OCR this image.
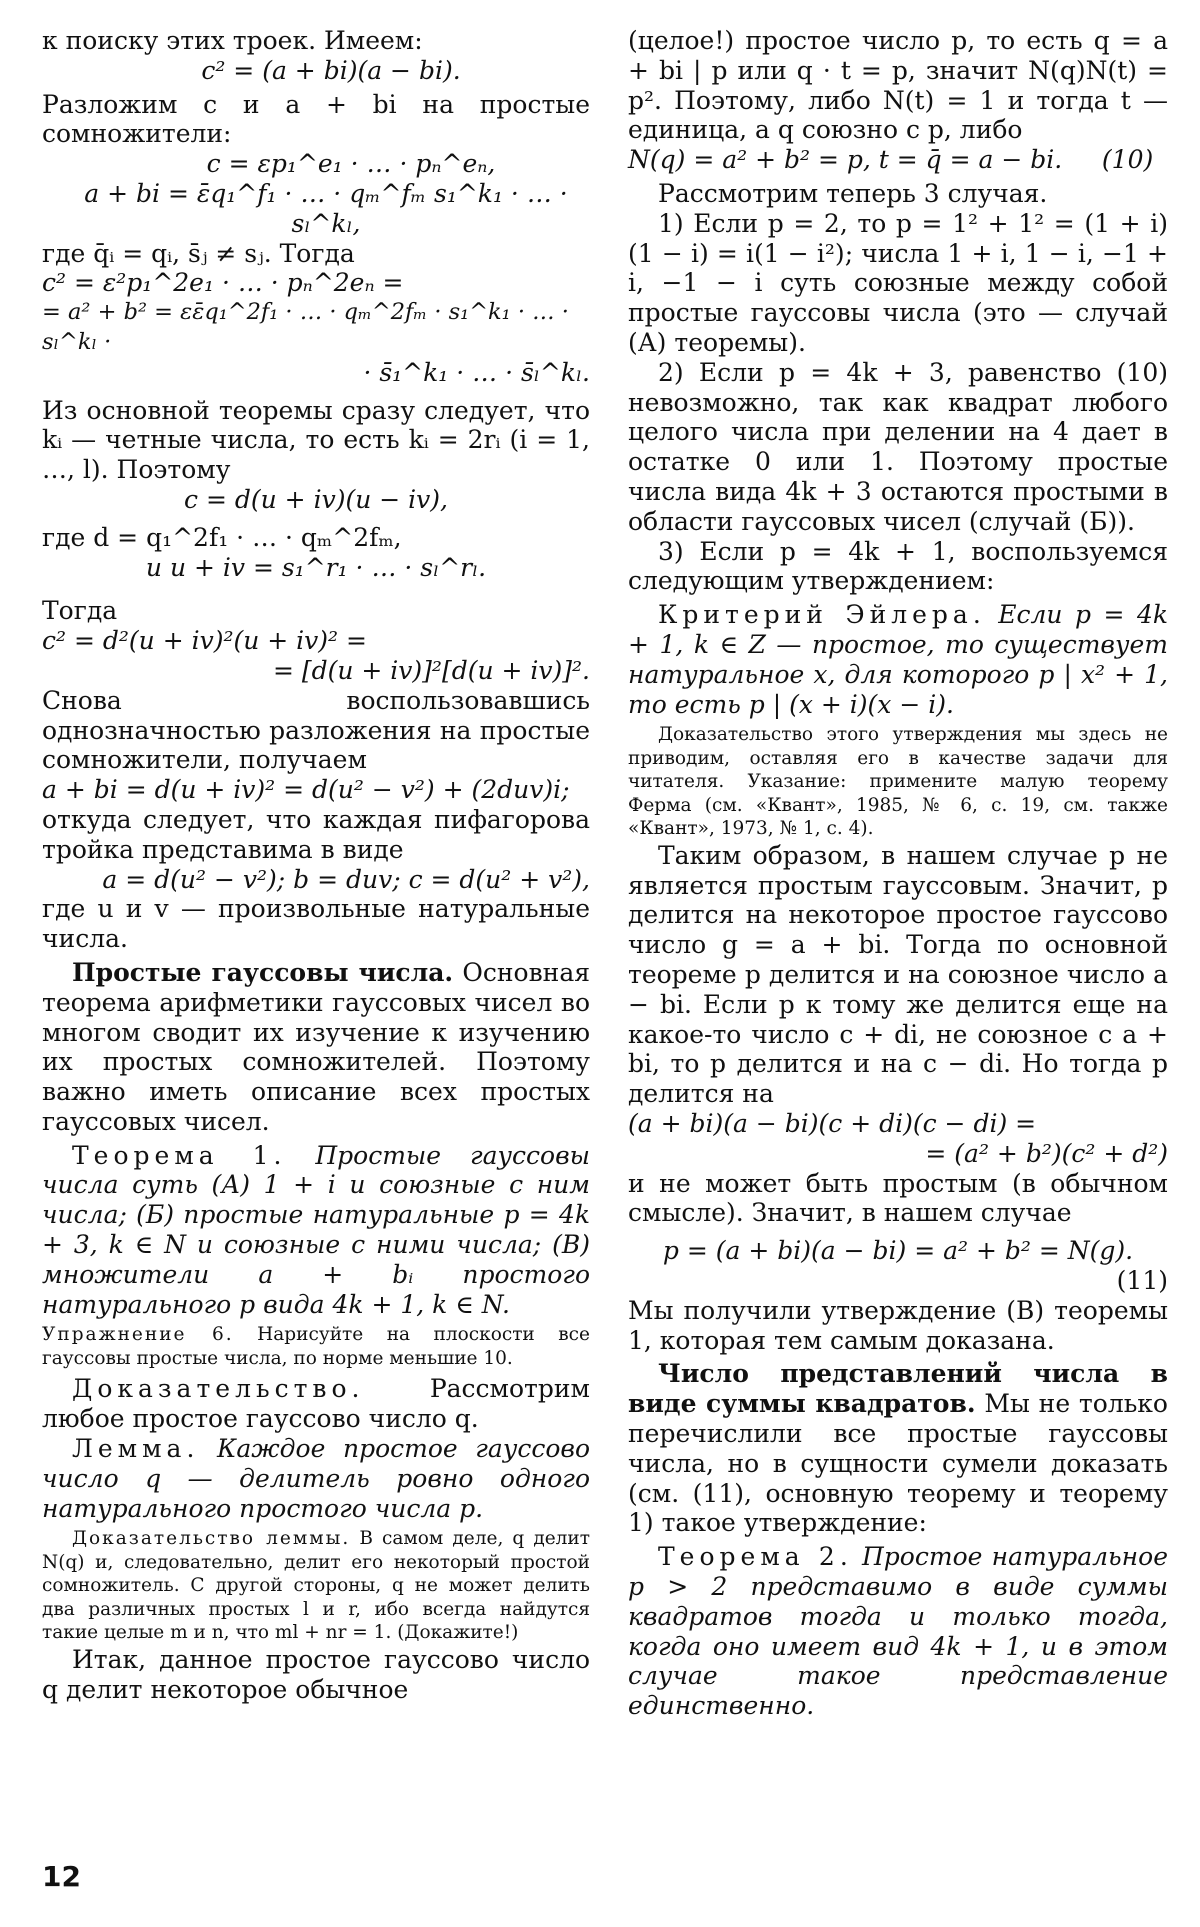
к поиску этих троек. Имеем:

c² = (a + bi)(a − bi).

Разложим c и a + bi на простые сомножители:

c = εp₁^e₁ · … · pₙ^eₙ,
a + bi = ε̄q₁^f₁ · … · qₘ^fₘ s₁^k₁ · … · sₗ^kₗ,

где q̄ᵢ = qᵢ, s̄ⱼ ≠ sⱼ. Тогда

c² = ε²p₁^2e₁ · … · pₙ^2eₙ =
= a² + b² = εε̄q₁^2f₁ · … · qₘ^2fₘ · s₁^k₁ · … · sₗ^kₗ ·
· s̄₁^k₁ · … · s̄ₗ^kₗ.

Из основной теоремы сразу следует, что kᵢ — четные числа, то есть kᵢ = 2rᵢ (i = 1, …, l). Поэтому

c = d(u + iv)(u − iv),

где d = q₁^2f₁ · … · qₘ^2fₘ,

и u + iv = s₁^r₁ · … · sₗ^rₗ.

Тогда

c² = d²(u + iv)²(u + iv)² =
= [d(u + iv)]²[d(u + iv)]².

Снова воспользовавшись однозначностью разложения на простые сомножители, получаем

a + bi = d(u + iv)² = d(u² − v²) + (2duv)i;

откуда следует, что каждая пифагорова тройка представима в виде

a = d(u² − v²); b = duv; c = d(u² + v²),

где u и v — произвольные натуральные числа.

Простые гауссовы числа. Основная теорема арифметики гауссовых чисел во многом сводит их изучение к изучению их простых сомножителей. Поэтому важно иметь описание всех простых гауссовых чисел.

Теорема 1. Простые гауссовы числа суть (А) 1 + i и союзные с ним числа; (Б) простые натуральные p = 4k + 3, k ∈ N и союзные с ними числа; (В) множители a + bᵢ простого натурального p вида 4k + 1, k ∈ N.

Упражнение 6. Нарисуйте на плоскости все гауссовы простые числа, по норме меньшие 10.

Доказательство. Рассмотрим любое простое гауссово число q.

Лемма. Каждое простое гауссово число q — делитель ровно одного натурального простого числа p.

Доказательство леммы. В самом деле, q делит N(q) и, следовательно, делит его некоторый простой сомножитель. С другой стороны, q не может делить два различных простых l и r, ибо всегда найдутся такие целые m и n, что ml + nr = 1. (Докажите!)

Итак, данное простое гауссово число q делит некоторое обычное

(целое!) простое число p, то есть q = a + bi | p или q · t = p, значит N(q)N(t) = p². Поэтому, либо N(t) = 1 и тогда t — единица, а q союзно с p, либо

N(q) = a² + b² = p, t = q̄ = a − bi.     (10)

Рассмотрим теперь 3 случая.

1) Если p = 2, то p = 1² + 1² = (1 + i)(1 − i) = i(1 − i²); числа 1 + i, 1 − i, −1 + i, −1 − i суть союзные между собой простые гауссовы числа (это — случай (А) теоремы).

2) Если p = 4k + 3, равенство (10) невозможно, так как квадрат любого целого числа при делении на 4 дает в остатке 0 или 1. Поэтому простые числа вида 4k + 3 остаются простыми в области гауссовых чисел (случай (Б)).

3) Если p = 4k + 1, воспользуемся следующим утверждением:

Критерий Эйлера. Если p = 4k + 1, k ∈ Z — простое, то существует натуральное x, для которого p | x² + 1, то есть p | (x + i)(x − i).

Доказательство этого утверждения мы здесь не приводим, оставляя его в качестве задачи для читателя. Указание: примените малую теорему Ферма (см. «Квант», 1985, № 6, с. 19, см. также «Квант», 1973, № 1, с. 4).

Таким образом, в нашем случае p не является простым гауссовым. Значит, p делится на некоторое простое гауссово число g = a + bi. Тогда по основной теореме p делится и на союзное число a − bi. Если p к тому же делится еще на какое-то число c + di, не союзное с a + bi, то p делится и на c − di. Но тогда p делится на

(a + bi)(a − bi)(c + di)(c − di) =
= (a² + b²)(c² + d²)

и не может быть простым (в обычном смысле). Значит, в нашем случае

p = (a + bi)(a − bi) = a² + b² = N(g).
(11)

Мы получили утверждение (В) теоремы 1, которая тем самым доказана.

Число представлений числа в виде суммы квадратов. Мы не только перечислили все простые гауссовы числа, но в сущности сумели доказать (см. (11), основную теорему и теорему 1) такое утверждение:

Теорема 2. Простое натуральное p > 2 представимо в виде суммы квадратов тогда и только тогда, когда оно имеет вид 4k + 1, и в этом случае такое представление единственно.

12
